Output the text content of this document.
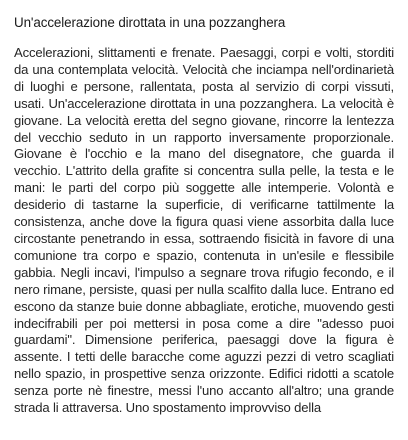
Un'accelerazione dirottata in una pozzanghera

Accelerazioni, slittamenti e frenate. Paesaggi, corpi e volti, storditi da una contemplata velocità. Velocità che inciampa nell'ordinarietà di luoghi e persone, rallentata, posta al servizio di corpi vissuti, usati. Un'accelerazione dirottata in una pozzanghera. La velocità è giovane. La velocità eretta del segno giovane, rincorre la lentezza del vecchio seduto in un rapporto inversamente proporzionale. Giovane è l'occhio e la mano del disegnatore, che guarda il vecchio. L'attrito della grafite si concentra sulla pelle, la testa e le mani: le parti del corpo più soggette alle intemperie. Volontà e desiderio di tastarne la superficie, di verificarne tattilmente la consistenza, anche dove la figura quasi viene assorbita dalla luce circostante penetrando in essa, sottraendo fisicità in favore di una comunione tra corpo e spazio, contenuta in un'esile e flessibile gabbia. Negli incavi, l'impulso a segnare trova rifugio fecondo, e il nero rimane, persiste, quasi per nulla scalfito dalla luce. Entrano ed escono da stanze buie donne abbagliate, erotiche, muovendo gesti indecifrabili per poi mettersi in posa come a dire "adesso puoi guardami". Dimensione periferica, paesaggi dove la figura è assente. I tetti delle baracche come aguzzi pezzi di vetro scagliati nello spazio, in prospettive senza orizzonte. Edifici ridotti a scatole senza porte nè finestre, messi l'uno accanto all'altro; una grande strada li attraversa. Uno spostamento improvviso della
